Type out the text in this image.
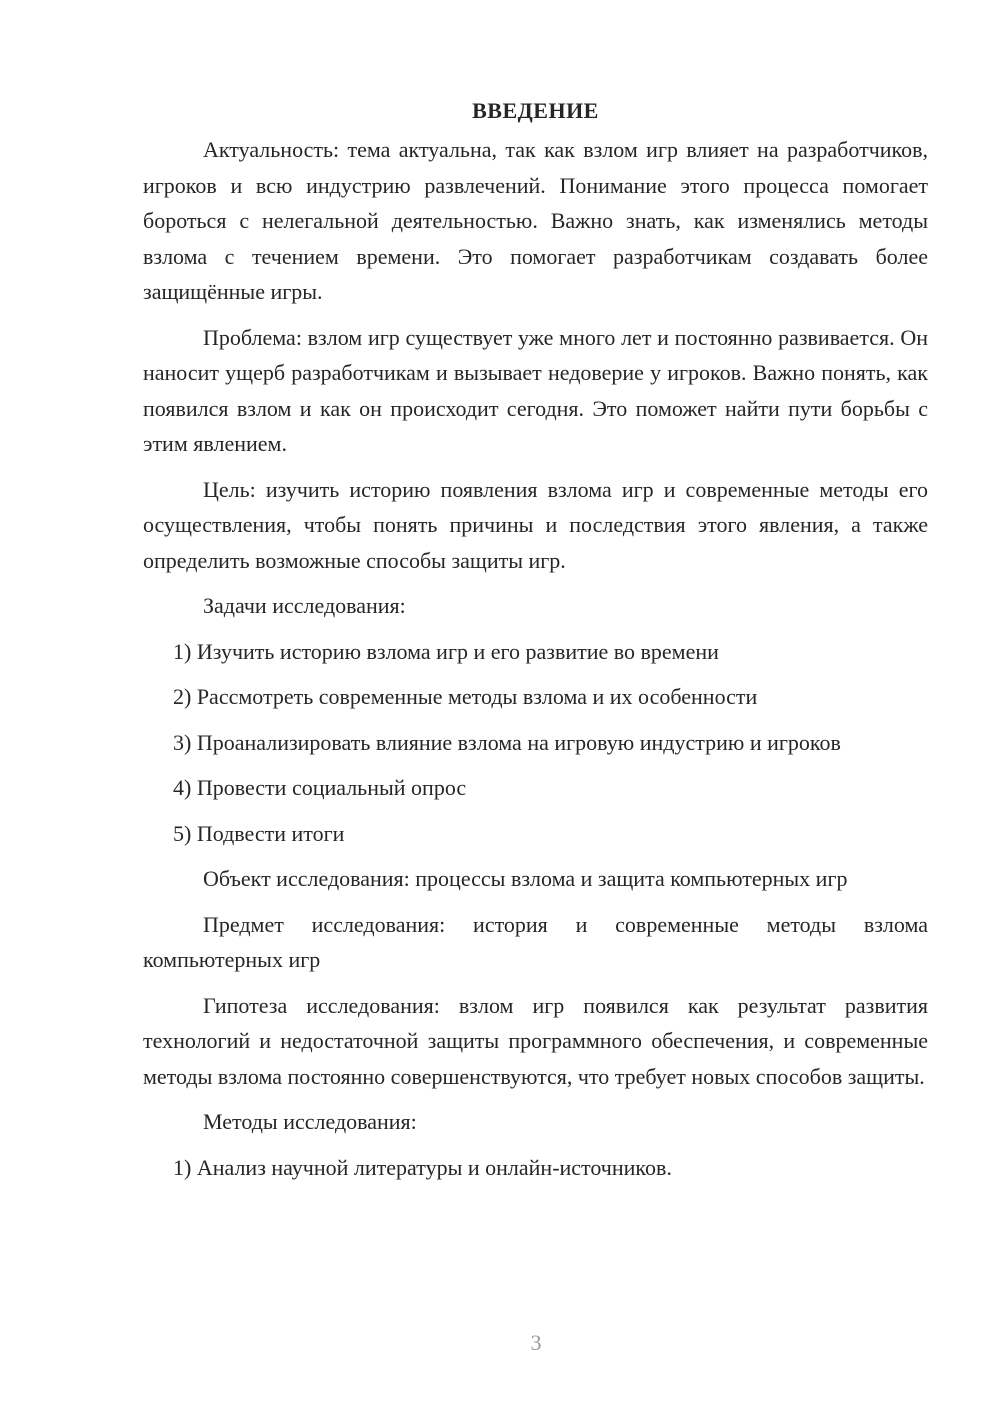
ВВЕДЕНИЕ
Актуальность: тема актуальна, так как взлом игр влияет на разработчиков, игроков и всю индустрию развлечений. Понимание этого процесса помогает бороться с нелегальной деятельностью. Важно знать, как изменялись методы взлома с течением времени. Это помогает разработчикам создавать более защищённые игры.
Проблема: взлом игр существует уже много лет и постоянно развивается. Он наносит ущерб разработчикам и вызывает недоверие у игроков. Важно понять, как появился взлом и как он происходит сегодня. Это поможет найти пути борьбы с этим явлением.
Цель: изучить историю появления взлома игр и современные методы его осуществления, чтобы понять причины и последствия этого явления, а также определить возможные способы защиты игр.
Задачи исследования:
1) Изучить историю взлома игр и его развитие во времени
2) Рассмотреть современные методы взлома и их особенности
3) Проанализировать влияние взлома на игровую индустрию и игроков
4) Провести социальный опрос
5) Подвести итоги
Объект исследования: процессы взлома и защита компьютерных игр
Предмет исследования: история и современные методы взлома компьютерных игр
Гипотеза исследования: взлом игр появился как результат развития технологий и недостаточной защиты программного обеспечения, и современные методы взлома постоянно совершенствуются, что требует новых способов защиты.
Методы исследования:
1) Анализ научной литературы и онлайн-источников.
3
